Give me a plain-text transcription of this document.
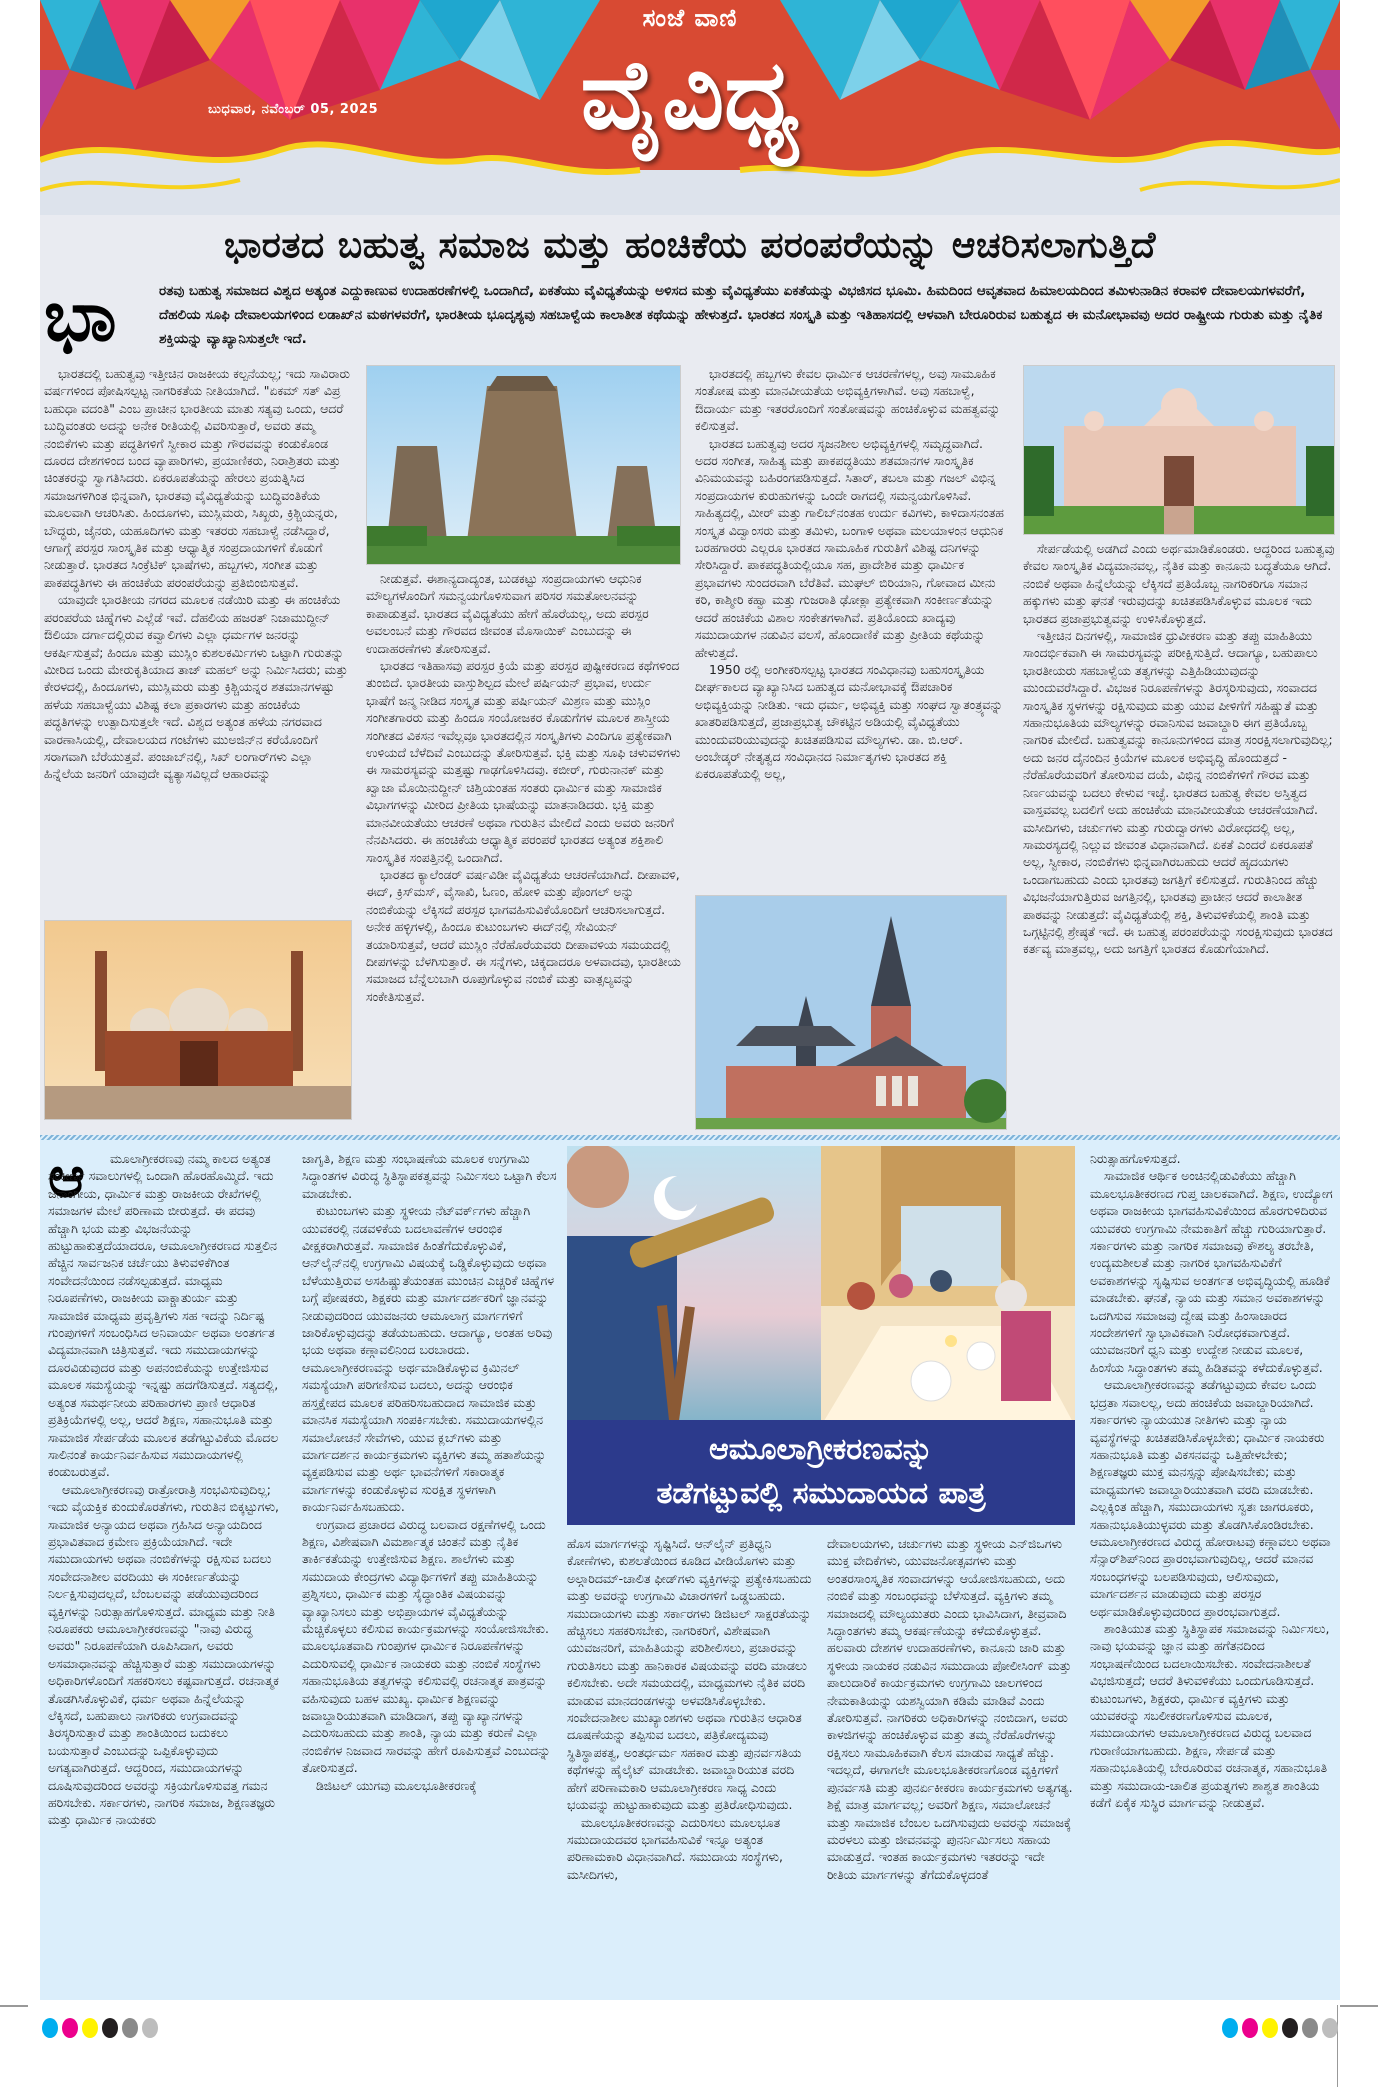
ಸಂಜೆ ವಾಣಿ
ವೈವಿಧ್ಯ
ಬುಧವಾರ, ನವೆಂಬರ್ 05, 2025
ಭಾರತದ ಬಹುತ್ವ ಸಮಾಜ ಮತ್ತು ಹಂಚಿಕೆಯ ಪರಂಪರೆಯನ್ನು ಆಚರಿಸಲಾಗುತ್ತಿದೆ
ಭಾ	ರತವು ಬಹುತ್ವ ಸಮಾಜದ ವಿಶ್ವದ ಅತ್ಯಂತ ಎದ್ದುಕಾಣುವ ಉದಾಹರಣೆಗಳಲ್ಲಿ ಒಂದಾಗಿದೆ, ಏಕತೆಯು ವೈವಿಧ್ಯತೆಯನ್ನು ಅಳಿಸದ ಮತ್ತು ವೈವಿಧ್ಯತೆಯು ಏಕತೆಯನ್ನು ವಿಭಜಿಸದ ಭೂಮಿ. ಹಿಮದಿಂದ ಆವೃತವಾದ ಹಿಮಾಲಯದಿಂದ ತಮಿಳುನಾಡಿನ ಕರಾವಳಿ ದೇವಾಲಯಗಳವರೆಗೆ, ದೆಹಲಿಯ ಸೂಫಿ ದೇವಾಲಯಗಳಿಂದ ಲಡಾಖ್‌ನ ಮಠಗಳವರೆಗೆ, ಭಾರತೀಯ ಭೂದೃಶ್ಯವು ಸಹಬಾಳ್ವೆಯ ಕಾಲಾತೀತ ಕಥೆಯನ್ನು ಹೇಳುತ್ತದೆ. ಭಾರತದ ಸಂಸ್ಕೃತಿ ಮತ್ತು ಇತಿಹಾಸದಲ್ಲಿ ಆಳವಾಗಿ ಬೇರೂರಿರುವ ಬಹುತ್ವದ ಈ ಮನೋಭಾವವು ಅದರ ರಾಷ್ಟ್ರೀಯ ಗುರುತು ಮತ್ತು ನೈತಿಕ ಶಕ್ತಿಯನ್ನು ವ್ಯಾಖ್ಯಾನಿಸುತ್ತಲೇ ಇದೆ.

ಭಾರತದಲ್ಲಿ ಬಹುತ್ವವು ಇತ್ತೀಚಿನ ರಾಜಕೀಯ ಕಲ್ಪನೆಯಲ್ಲ; ಇದು ಸಾವಿರಾರು ವರ್ಷಗಳಿಂದ ಪೋಷಿಸಲ್ಪಟ್ಟ ನಾಗರಿಕತೆಯ ನೀತಿಯಾಗಿದೆ. "ಏಕಮ್ ಸತ್ ವಿಪ್ರ ಬಹುಧಾ ವದಂತಿ" ಎಂಬ ಪ್ರಾಚೀನ ಭಾರತೀಯ ಮಾತು ಸತ್ಯವು ಒಂದು, ಆದರೆ ಬುದ್ಧಿವಂತರು ಅದನ್ನು ಅನೇಕ ರೀತಿಯಲ್ಲಿ ವಿವರಿಸುತ್ತಾರೆ, ಅವರು ತಮ್ಮ ನಂಬಿಕೆಗಳು ಮತ್ತು ಪದ್ಧತಿಗಳಿಗೆ ಸ್ವೀಕಾರ ಮತ್ತು ಗೌರವವನ್ನು ಕಂಡುಕೊಂಡ ದೂರದ ದೇಶಗಳಿಂದ ಬಂದ ವ್ಯಾಪಾರಿಗಳು, ಪ್ರಯಾಣಿಕರು, ನಿರಾಶ್ರಿತರು ಮತ್ತು ಚಿಂತಕರನ್ನು ಸ್ವಾಗತಿಸಿದರು. ಏಕರೂಪತೆಯನ್ನು ಹೇರಲು ಪ್ರಯತ್ನಿಸಿದ ಸಮಾಜಗಳಿಗಿಂತ ಭಿನ್ನವಾಗಿ, ಭಾರತವು ವೈವಿಧ್ಯತೆಯನ್ನು ಬುದ್ಧಿವಂತಿಕೆಯ ಮೂಲವಾಗಿ ಆಚರಿಸಿತು. ಹಿಂದೂಗಳು, ಮುಸ್ಲಿಮರು, ಸಿಖ್ಖರು, ಕ್ರಿಶ್ಚಿಯನ್ನರು, ಬೌದ್ಧರು, ಜೈನರು, ಯಹೂದಿಗಳು ಮತ್ತು ಇತರರು ಸಹಬಾಳ್ವೆ ನಡೆಸಿದ್ದಾರೆ, ಆಗಾಗ್ಗೆ ಪರಸ್ಪರ ಸಾಂಸ್ಕೃತಿಕ ಮತ್ತು ಆಧ್ಯಾತ್ಮಿಕ ಸಂಪ್ರದಾಯಗಳಿಗೆ ಕೊಡುಗೆ ನೀಡುತ್ತಾರೆ. ಭಾರತದ ಸಿಂಕ್ರೆಟಿಕ್ ಭಾಷೆಗಳು, ಹಬ್ಬಗಳು, ಸಂಗೀತ ಮತ್ತು ಪಾಕಪದ್ಧತಿಗಳು ಈ ಹಂಚಿಕೆಯ ಪರಂಪರೆಯನ್ನು ಪ್ರತಿಬಿಂಬಿಸುತ್ತವೆ.

ಯಾವುದೇ ಭಾರತೀಯ ನಗರದ ಮೂಲಕ ನಡೆಯಿರಿ ಮತ್ತು ಈ ಹಂಚಿಕೆಯ ಪರಂಪರೆಯ ಚಿಹ್ನೆಗಳು ಎಲ್ಲೆಡೆ ಇವೆ. ದೆಹಲಿಯ ಹಜರತ್ ನಿಜಾಮುದ್ದೀನ್ ಔಲಿಯಾ ದರ್ಗಾದಲ್ಲಿರುವ ಕವ್ವಾಲಿಗಳು ಎಲ್ಲಾ ಧರ್ಮಗಳ ಜನರನ್ನು ಆಕರ್ಷಿಸುತ್ತವೆ; ಹಿಂದೂ ಮತ್ತು ಮುಸ್ಲಿಂ ಕುಶಲಕರ್ಮಿಗಳು ಒಟ್ಟಾಗಿ ಗುರುತನ್ನು ಮೀರಿದ ಒಂದು ಮೇರುಕೃತಿಯಾದ ತಾಜ್ ಮಹಲ್ ಅನ್ನು ನಿರ್ಮಿಸಿದರು; ಮತ್ತು ಕೇರಳದಲ್ಲಿ, ಹಿಂದೂಗಳು, ಮುಸ್ಲಿಮರು ಮತ್ತು ಕ್ರಿಶ್ಚಿಯನ್ನರ ಶತಮಾನಗಳಷ್ಟು ಹಳೆಯ ಸಹಬಾಳ್ವೆಯು ವಿಶಿಷ್ಟ ಕಲಾ ಪ್ರಕಾರಗಳು ಮತ್ತು ಹಂಚಿಕೆಯ ಪದ್ಧತಿಗಳನ್ನು ಉತ್ಪಾದಿಸುತ್ತಲೇ ಇದೆ. ವಿಶ್ವದ ಅತ್ಯಂತ ಹಳೆಯ ನಗರವಾದ ವಾರಣಾಸಿಯಲ್ಲಿ, ದೇವಾಲಯದ ಗಂಟೆಗಳು ಮುಅಜಿನ್‌ನ ಕರೆಯೊಂದಿಗೆ ಸರಾಗವಾಗಿ ಬೆರೆಯುತ್ತವೆ. ಪಂಜಾಬ್‌ನಲ್ಲಿ, ಸಿಖ್ ಲಂಗಾರ್‌ಗಳು ಎಲ್ಲಾ ಹಿನ್ನೆಲೆಯ ಜನರಿಗೆ ಯಾವುದೇ ವ್ಯತ್ಯಾಸವಿಲ್ಲದೆ ಆಹಾರವನ್ನು

ನೀಡುತ್ತವೆ. ಈಶಾನ್ಯದಾದ್ಯಂತ, ಬುಡಕಟ್ಟು ಸಂಪ್ರದಾಯಗಳು ಆಧುನಿಕ ಮೌಲ್ಯಗಳೊಂದಿಗೆ ಸಮನ್ವಯಗೊಳಿಸುವಾಗ ಪರಿಸರ ಸಮತೋಲನವನ್ನು ಕಾಪಾಡುತ್ತವೆ. ಭಾರತದ ವೈವಿಧ್ಯತೆಯು ಹೇಗೆ ಹೊರೆಯಲ್ಲ, ಅದು ಪರಸ್ಪರ ಅವಲಂಬನೆ ಮತ್ತು ಗೌರವದ ಜೀವಂತ ಮೊಸಾಯಿಕ್ ಎಂಬುದನ್ನು ಈ ಉದಾಹರಣೆಗಳು ತೋರಿಸುತ್ತವೆ.

ಭಾರತದ ಇತಿಹಾಸವು ಪರಸ್ಪರ ಕ್ರಿಯೆ ಮತ್ತು ಪರಸ್ಪರ ಪುಷ್ಟೀಕರಣದ ಕಥೆಗಳಿಂದ ತುಂಬಿದೆ. ಭಾರತೀಯ ವಾಸ್ತುಶಿಲ್ಪದ ಮೇಲೆ ಪರ್ಷಿಯನ್ ಪ್ರಭಾವ, ಉರ್ದು ಭಾಷೆಗೆ ಜನ್ಮ ನೀಡಿದ ಸಂಸ್ಕೃತ ಮತ್ತು ಪರ್ಷಿಯನ್ ಮಿಶ್ರಣ ಮತ್ತು ಮುಸ್ಲಿಂ ಸಂಗೀತಗಾರರು ಮತ್ತು ಹಿಂದೂ ಸಂಯೋಜಕರ ಕೊಡುಗೆಗಳ ಮೂಲಕ ಶಾಸ್ತ್ರೀಯ ಸಂಗೀತದ ವಿಕಸನ ಇವೆಲ್ಲವೂ ಭಾರತದಲ್ಲಿನ ಸಂಸ್ಕೃತಿಗಳು ಎಂದಿಗೂ ಪ್ರತ್ಯೇಕವಾಗಿ ಉಳಿಯದೆ ಬೆಳೆದಿವೆ ಎಂಬುದನ್ನು ತೋರಿಸುತ್ತವೆ. ಭಕ್ತಿ ಮತ್ತು ಸೂಫಿ ಚಳುವಳಿಗಳು ಈ ಸಾಮರಸ್ಯವನ್ನು ಮತ್ತಷ್ಟು ಗಾಢಗೊಳಿಸಿದವು. ಕಬೀರ್, ಗುರುನಾನಕ್ ಮತ್ತು ಖ್ವಾಜಾ ಮೊಯಿನುದ್ದೀನ್ ಚಿಶ್ತಿಯಂತಹ ಸಂತರು ಧಾರ್ಮಿಕ ಮತ್ತು ಸಾಮಾಜಿಕ ವಿಭಾಗಗಳನ್ನು ಮೀರಿದ ಪ್ರೀತಿಯ ಭಾಷೆಯನ್ನು ಮಾತನಾಡಿದರು. ಭಕ್ತಿ ಮತ್ತು ಮಾನವೀಯತೆಯು ಆಚರಣೆ ಅಥವಾ ಗುರುತಿನ ಮೇಲಿದೆ ಎಂದು ಅವರು ಜನರಿಗೆ ನೆನಪಿಸಿದರು. ಈ ಹಂಚಿಕೆಯ ಆಧ್ಯಾತ್ಮಿಕ ಪರಂಪರೆ ಭಾರತದ ಅತ್ಯಂತ ಶಕ್ತಿಶಾಲಿ ಸಾಂಸ್ಕೃತಿಕ ಸಂಪತ್ತಿನಲ್ಲಿ ಒಂದಾಗಿದೆ.

ಭಾರತದ ಕ್ಯಾಲೆಂಡರ್ ವರ್ಷವಿಡೀ ವೈವಿಧ್ಯತೆಯ ಆಚರಣೆಯಾಗಿದೆ. ದೀಪಾವಳಿ, ಈದ್, ಕ್ರಿಸ್‌ಮಸ್, ವೈಸಾಖಿ, ಓಣಂ, ಹೋಳಿ ಮತ್ತು ಪೊಂಗಲ್ ಅನ್ನು ನಂಬಿಕೆಯನ್ನು ಲೆಕ್ಕಿಸದೆ ಪರಸ್ಪರ ಭಾಗವಹಿಸುವಿಕೆಯೊಂದಿಗೆ ಆಚರಿಸಲಾಗುತ್ತದೆ. ಅನೇಕ ಹಳ್ಳಿಗಳಲ್ಲಿ, ಹಿಂದೂ ಕುಟುಂಬಗಳು ಈದ್‌ನಲ್ಲಿ ಸೇವಿಯನ್ ತಯಾರಿಸುತ್ತವೆ, ಆದರೆ ಮುಸ್ಲಿಂ ನೆರೆಹೊರೆಯವರು ದೀಪಾವಳಿಯ ಸಮಯದಲ್ಲಿ ದೀಪಗಳನ್ನು ಬೆಳಗಿಸುತ್ತಾರೆ. ಈ ಸನ್ನೆಗಳು, ಚಿಕ್ಕದಾದರೂ ಅಳವಾದವು, ಭಾರತೀಯ ಸಮಾಜದ ಬೆನ್ನೆಲುಬಾಗಿ ರೂಪುಗೊಳ್ಳುವ ನಂಬಿಕೆ ಮತ್ತು ವಾತ್ಸಲ್ಯವನ್ನು ಸಂಕೇತಿಸುತ್ತವೆ.

ಭಾರತದಲ್ಲಿ ಹಬ್ಬಗಳು ಕೇವಲ ಧಾರ್ಮಿಕ ಆಚರಣೆಗಳಲ್ಲ, ಅವು ಸಾಮೂಹಿಕ ಸಂತೋಷ ಮತ್ತು ಮಾನವೀಯತೆಯ ಅಭಿವ್ಯಕ್ತಿಗಳಾಗಿವೆ. ಅವು ಸಹಬಾಳ್ವೆ, ಔದಾರ್ಯ ಮತ್ತು ಇತರರೊಂದಿಗೆ ಸಂತೋಷವನ್ನು ಹಂಚಿಕೊಳ್ಳುವ ಮಹತ್ವವನ್ನು ಕಲಿಸುತ್ತವೆ.

ಭಾರತದ ಬಹುತ್ವವು ಅದರ ಸೃಜನಶೀಲ ಅಭಿವ್ಯಕ್ತಿಗಳಲ್ಲಿ ಸಮೃದ್ಧವಾಗಿದೆ. ಅದರ ಸಂಗೀತ, ಸಾಹಿತ್ಯ ಮತ್ತು ಪಾಕಪದ್ಧತಿಯು ಶತಮಾನಗಳ ಸಾಂಸ್ಕೃತಿಕ ವಿನಿಮಯವನ್ನು ಬಹಿರಂಗಪಡಿಸುತ್ತದೆ. ಸಿತಾರ್, ತಬಲಾ ಮತ್ತು ಗಜಲ್ ವಿಭಿನ್ನ ಸಂಪ್ರದಾಯಗಳ ಕುರುಹುಗಳನ್ನು ಒಂದೇ ರಾಗದಲ್ಲಿ ಸಮನ್ವಯಗೊಳಿಸಿವೆ. ಸಾಹಿತ್ಯದಲ್ಲಿ, ಮೀರ್ ಮತ್ತು ಗಾಲಿಬ್‌ನಂತಹ ಉರ್ದು ಕವಿಗಳು, ಕಾಳಿದಾಸನಂತಹ ಸಂಸ್ಕೃತ ವಿದ್ವಾಂಸರು ಮತ್ತು ತಮಿಳು, ಬಂಗಾಳಿ ಅಥವಾ ಮಲಯಾಳಂನ ಆಧುನಿಕ ಬರಹಗಾರರು ಎಲ್ಲರೂ ಭಾರತದ ಸಾಮೂಹಿಕ ಗುರುತಿಗೆ ವಿಶಿಷ್ಟ ದನಿಗಳನ್ನು ಸೇರಿಸಿದ್ದಾರೆ. ಪಾಕಪದ್ಧತಿಯಲ್ಲಿಯೂ ಸಹ, ಪ್ರಾದೇಶಿಕ ಮತ್ತು ಧಾರ್ಮಿಕ ಪ್ರಭಾವಗಳು ಸುಂದರವಾಗಿ ಬೆರೆತಿವೆ. ಮುಘಲ್ ಬಿರಿಯಾನಿ, ಗೋವಾದ ಮೀನು ಕರಿ, ಕಾಶ್ಮೀರಿ ಕಹ್ವಾ ಮತ್ತು ಗುಜರಾತಿ ಢೋಕ್ಲಾ ಪ್ರತ್ಯೇಕವಾಗಿ ಸಂಕೀರ್ಣತೆಯನ್ನು ಆದರೆ ಹಂಚಿಕೆಯ ವಿಶಾಲ ಸಂಕೇತಗಳಾಗಿವೆ. ಪ್ರತಿಯೊಂದು ಖಾದ್ಯವು ಸಮುದಾಯಗಳ ನಡುವಿನ ವಲಸೆ, ಹೊಂದಾಣಿಕೆ ಮತ್ತು ಪ್ರೀತಿಯ ಕಥೆಯನ್ನು ಹೇಳುತ್ತದೆ.

1950 ರಲ್ಲಿ ಅಂಗೀಕರಿಸಲ್ಪಟ್ಟ ಭಾರತದ ಸಂವಿಧಾನವು ಬಹುಸಂಸ್ಕೃತಿಯ ದೀರ್ಘಕಾಲದ ವ್ಯಾಖ್ಯಾನಿಸಿದ ಬಹುತ್ವದ ಮನೋಭಾವಕ್ಕೆ ಔಪಚಾರಿಕ ಅಭಿವ್ಯಕ್ತಿಯನ್ನು ನೀಡಿತು. ಇದು ಧರ್ಮ, ಅಭಿವ್ಯಕ್ತಿ ಮತ್ತು ಸಂಘದ ಸ್ವಾತಂತ್ರ್ಯವನ್ನು ಖಾತರಿಪಡಿಸುತ್ತದೆ, ಪ್ರಜಾಪ್ರಭುತ್ವ ಚೌಕಟ್ಟಿನ ಅಡಿಯಲ್ಲಿ ವೈವಿಧ್ಯತೆಯು ಮುಂದುವರಿಯುವುದನ್ನು ಖಚಿತಪಡಿಸುವ ಮೌಲ್ಯಗಳು. ಡಾ. ಬಿ.ಆರ್. ಅಂಬೇಡ್ಕರ್ ನೇತೃತ್ವದ ಸಂವಿಧಾನದ ನಿರ್ಮಾತೃಗಳು ಭಾರತದ ಶಕ್ತಿ ಏಕರೂಪತೆಯಲ್ಲಿ ಅಲ್ಲ,

ಸೇರ್ಪಡೆಯಲ್ಲಿ ಅಡಗಿದೆ ಎಂದು ಅರ್ಥಮಾಡಿಕೊಂಡರು. ಆದ್ದರಿಂದ ಬಹುತ್ವವು ಕೇವಲ ಸಾಂಸ್ಕೃತಿಕ ವಿದ್ಯಮಾನವಲ್ಲ, ನೈತಿಕ ಮತ್ತು ಕಾನೂನು ಬದ್ಧತೆಯೂ ಆಗಿದೆ. ನಂಬಿಕೆ ಅಥವಾ ಹಿನ್ನೆಲೆಯನ್ನು ಲೆಕ್ಕಿಸದೆ ಪ್ರತಿಯೊಬ್ಬ ನಾಗರಿಕರಿಗೂ ಸಮಾನ ಹಕ್ಕುಗಳು ಮತ್ತು ಘನತೆ ಇರುವುದನ್ನು ಖಚಿತಪಡಿಸಿಕೊಳ್ಳುವ ಮೂಲಕ ಇದು ಭಾರತದ ಪ್ರಜಾಪ್ರಭುತ್ವವನ್ನು ಉಳಿಸಿಕೊಳ್ಳುತ್ತದೆ.

ಇತ್ತೀಚಿನ ದಿನಗಳಲ್ಲಿ, ಸಾಮಾಜಿಕ ಧ್ರುವೀಕರಣ ಮತ್ತು ತಪ್ಪು ಮಾಹಿತಿಯು ಸಾಂದರ್ಭಿಕವಾಗಿ ಈ ಸಾಮರಸ್ಯವನ್ನು ಪರೀಕ್ಷಿಸುತ್ತಿದೆ. ಆದಾಗ್ಯೂ, ಬಹುಪಾಲು ಭಾರತೀಯರು ಸಹಬಾಳ್ವೆಯ ತತ್ವಗಳನ್ನು ಎತ್ತಿಹಿಡಿಯುವುದನ್ನು ಮುಂದುವರೆಸಿದ್ದಾರೆ. ವಿಭಜಕ ನಿರೂಪಣೆಗಳನ್ನು ತಿರಸ್ಕರಿಸುವುದು, ಸಂವಾದದ ಸಾಂಸ್ಕೃತಿಕ ಸ್ಥಳಗಳನ್ನು ರಕ್ಷಿಸುವುದು ಮತ್ತು ಯುವ ಪೀಳಿಗೆಗೆ ಸಹಿಷ್ಣುತೆ ಮತ್ತು ಸಹಾನುಭೂತಿಯ ಮೌಲ್ಯಗಳನ್ನು ರವಾನಿಸುವ ಜವಾಬ್ದಾರಿ ಈಗ ಪ್ರತಿಯೊಬ್ಬ ನಾಗರಿಕ ಮೇಲಿದೆ. ಬಹುತ್ವವನ್ನು ಕಾನೂನುಗಳಿಂದ ಮಾತ್ರ ಸಂರಕ್ಷಿಸಲಾಗುವುದಿಲ್ಲ; ಅದು ಜನರ ದೈನಂದಿನ ಕ್ರಿಯೆಗಳ ಮೂಲಕ ಅಭಿವೃದ್ಧಿ ಹೊಂದುತ್ತದೆ - ನೆರೆಹೊರೆಯವರಿಗೆ ತೋರಿಸುವ ದಯೆ, ವಿಭಿನ್ನ ನಂಬಿಕೆಗಳಿಗೆ ಗೌರವ ಮತ್ತು ನಿರ್ಣಯವನ್ನು ಬದಲು ಕೇಳುವ ಇಚ್ಛೆ. ಭಾರತದ ಬಹುತ್ವ ಕೇವಲ ಅಸ್ತಿತ್ವದ ವಾಸ್ತವವಲ್ಲ ಬದಲಿಗೆ ಅದು ಹಂಚಿಕೆಯ ಮಾನವೀಯತೆಯ ಆಚರಣೆಯಾಗಿದೆ. ಮಸೀದಿಗಳು, ಚರ್ಚುಗಳು ಮತ್ತು ಗುರುದ್ವಾರಗಳು ವಿರೋಧದಲ್ಲಿ ಅಲ್ಲ, ಸಾಮರಸ್ಯದಲ್ಲಿ ನಿಲ್ಲುವ ಜೀವಂತ ವಿಧಾನವಾಗಿದೆ. ಏಕತೆ ಎಂದರೆ ಏಕರೂಪತೆ ಅಲ್ಲ, ಸ್ವೀಕಾರ, ನಂಬಿಕೆಗಳು ಭಿನ್ನವಾಗಿರಬಹುದು ಆದರೆ ಹೃದಯಗಳು ಒಂದಾಗಬಹುದು ಎಂದು ಭಾರತವು ಜಗತ್ತಿಗೆ ಕಲಿಸುತ್ತದೆ. ಗುರುತಿನಿಂದ ಹೆಚ್ಚು ವಿಭಜನೆಯಾಗುತ್ತಿರುವ ಜಗತ್ತಿನಲ್ಲಿ, ಭಾರತವು ಪ್ರಾಚೀನ ಆದರೆ ಕಾಲಾತೀತ ಪಾಠವನ್ನು ನೀಡುತ್ತದೆ: ವೈವಿಧ್ಯತೆಯಲ್ಲಿ ಶಕ್ತಿ, ತಿಳುವಳಿಕೆಯಲ್ಲಿ ಶಾಂತಿ ಮತ್ತು ಒಗ್ಗಟ್ಟಿನಲ್ಲಿ ಶ್ರೇಷ್ಠತೆ ಇದೆ. ಈ ಬಹುತ್ವ ಪರಂಪರೆಯನ್ನು ಸಂರಕ್ಷಿಸುವುದು ಭಾರತದ ಕರ್ತವ್ಯ ಮಾತ್ರವಲ್ಲ, ಅದು ಜಗತ್ತಿಗೆ ಭಾರತದ ಕೊಡುಗೆಯಾಗಿದೆ.

ಆ	ಮೂಲಾಗ್ರೀಕರಣವು ನಮ್ಮ ಕಾಲದ ಅತ್ಯಂತ ಸಂಕೀರ್ಣ ಸವಾಲುಗಳಲ್ಲಿ ಒಂದಾಗಿ ಹೊರಹೊಮ್ಮಿದೆ. ಇದು ಜನಾಂಗೀಯ, ಧಾರ್ಮಿಕ ಮತ್ತು ರಾಜಕೀಯ ರೇಖೆಗಳಲ್ಲಿ ಸಮಾಜಗಳ ಮೇಲೆ ಪರಿಣಾಮ ಬೀರುತ್ತದೆ. ಈ ಪದವು ಹೆಚ್ಚಾಗಿ ಭಯ ಮತ್ತು ವಿಭಜನೆಯನ್ನು ಹುಟ್ಟುಹಾಕುತ್ತದೆಯಾದರೂ, ಆಮೂಲಾಗ್ರೀಕರಣದ ಸುತ್ತಲಿನ ಹೆಚ್ಚಿನ ಸಾರ್ವಜನಿಕ ಚರ್ಚೆಯು ತಿಳುವಳಿಕೆಗಿಂತ ಸಂವೇದನೆಯಿಂದ ನಡೆಸಲ್ಪಡುತ್ತದೆ. ಮಾಧ್ಯಮ ನಿರೂಪಣೆಗಳು, ರಾಜಕೀಯ ವಾಕ್ಚಾತುರ್ಯ ಮತ್ತು ಸಾಮಾಜಿಕ ಮಾಧ್ಯಮ ಪ್ರವೃತ್ತಿಗಳು ಸಹ ಇದನ್ನು ನಿರ್ದಿಷ್ಟ ಗುಂಪುಗಳಿಗೆ ಸಂಬಂಧಿಸಿದ ಅನಿವಾರ್ಯ ಅಥವಾ ಅಂತರ್ಗತ ವಿದ್ಯಮಾನವಾಗಿ ಚಿತ್ರಿಸುತ್ತವೆ. ಇದು ಸಮುದಾಯಗಳನ್ನು ದೂರವಿಡುವುದರ ಮತ್ತು ಅಪನಂಬಿಕೆಯನ್ನು ಉತ್ತೇಜಿಸುವ ಮೂಲಕ ಸಮಸ್ಯೆಯನ್ನು ಇನ್ನಷ್ಟು ಹದಗೆಡಿಸುತ್ತದೆ. ಸತ್ಯದಲ್ಲಿ, ಅತ್ಯಂತ ಸಮರ್ಥನೀಯ ಪರಿಹಾರಗಳು ಪ್ರಾಣಿ ಆಧಾರಿತ ಪ್ರತಿಕ್ರಿಯೆಗಳಲ್ಲಿ ಅಲ್ಲ, ಆದರೆ ಶಿಕ್ಷಣ, ಸಹಾನುಭೂತಿ ಮತ್ತು ಸಾಮಾಜಿಕ ಸೇರ್ಪಡೆಯ ಮೂಲಕ ತಡೆಗಟ್ಟುವಿಕೆಯ ಮೊದಲ ಸಾಲಿನಂತೆ ಕಾರ್ಯನಿರ್ವಹಿಸುವ ಸಮುದಾಯಗಳಲ್ಲಿ ಕಂಡುಬರುತ್ತವೆ.

ಆಮೂಲಾಗ್ರೀಕರಣವು ರಾತ್ರೋರಾತ್ರಿ ಸಂಭವಿಸುವುದಿಲ್ಲ; ಇದು ವೈಯಕ್ತಿಕ ಕುಂದುಕೊರತೆಗಳು, ಗುರುತಿನ ಬಿಕ್ಕಟ್ಟುಗಳು, ಸಾಮಾಜಿಕ ಅನ್ಯಾಯದ ಅಥವಾ ಗ್ರಹಿಸಿದ ಅನ್ಯಾಯದಿಂದ ಪ್ರಭಾವಿತವಾದ ಕ್ರಮೇಣ ಪ್ರಕ್ರಿಯೆಯಾಗಿದೆ. ಇದೇ ಸಮುದಾಯಗಳು ಅಥವಾ ನಂಬಿಕೆಗಳನ್ನು ರಕ್ಷಿಸುವ ಬದಲು ಸಂವೇದನಾಶೀಲ ವರದಿಯು ಈ ಸಂಕೀರ್ಣತೆಯನ್ನು ನಿರ್ಲಕ್ಷಿಸುವುದಲ್ಲದೆ, ಬೆಂಬಲವನ್ನು ಪಡೆಯುವುದರಿಂದ ವ್ಯಕ್ತಿಗಳನ್ನು ನಿರುತ್ಸಾಹಗೊಳಿಸುತ್ತದೆ. ಮಾಧ್ಯಮ ಮತ್ತು ನೀತಿ ನಿರೂಪಕರು ಆಮೂಲಾಗ್ರೀಕರಣವನ್ನು "ನಾವು ವಿರುದ್ಧ ಅವರು" ನಿರೂಪಣೆಯಾಗಿ ರೂಪಿಸಿದಾಗ, ಅವರು ಅಸಮಾಧಾನವನ್ನು ಹೆಚ್ಚಿಸುತ್ತಾರೆ ಮತ್ತು ಸಮುದಾಯಗಳನ್ನು ಅಧಿಕಾರಿಗಳೊಂದಿಗೆ ಸಹಕರಿಸಲು ಕಷ್ಟವಾಗುತ್ತದೆ. ರಚನಾತ್ಮಕ ತೊಡಗಿಸಿಕೊಳ್ಳುವಿಕೆ, ಧರ್ಮ ಅಥವಾ ಹಿನ್ನೆಲೆಯನ್ನು ಲೆಕ್ಕಿಸದೆ, ಬಹುಪಾಲು ನಾಗರಿಕರು ಉಗ್ರವಾದವನ್ನು ತಿರಸ್ಕರಿಸುತ್ತಾರೆ ಮತ್ತು ಶಾಂತಿಯಿಂದ ಬದುಕಲು ಬಯಸುತ್ತಾರೆ ಎಂಬುದನ್ನು ಒಪ್ಪಿಕೊಳ್ಳುವುದು ಅಗತ್ಯವಾಗಿರುತ್ತದೆ. ಆದ್ದರಿಂದ, ಸಮುದಾಯಗಳನ್ನು ದೂಷಿಸುವುದರಿಂದ ಅವರನ್ನು ಸಕ್ರಿಯಗೊಳಿಸುವತ್ತ ಗಮನ ಹರಿಸಬೇಕು. ಸರ್ಕಾರಗಳು, ನಾಗರಿಕ ಸಮಾಜ, ಶಿಕ್ಷಣತಜ್ಞರು ಮತ್ತು ಧಾರ್ಮಿಕ ನಾಯಕರು

ಜಾಗೃತಿ, ಶಿಕ್ಷಣ ಮತ್ತು ಸಂಭಾಷಣೆಯ ಮೂಲಕ ಉಗ್ರಗಾಮಿ ಸಿದ್ಧಾಂತಗಳ ವಿರುದ್ಧ ಸ್ಥಿತಿಸ್ಥಾಪಕತ್ವವನ್ನು ನಿರ್ಮಿಸಲು ಒಟ್ಟಾಗಿ ಕೆಲಸ ಮಾಡಬೇಕು.

ಕುಟುಂಬಗಳು ಮತ್ತು ಸ್ಥಳೀಯ ನೆಟ್‌ವರ್ಕ್‌ಗಳು ಹೆಚ್ಚಾಗಿ ಯುವಕರಲ್ಲಿ ನಡವಳಿಕೆಯ ಬದಲಾವಣೆಗಳ ಆರಂಭಿಕ ವೀಕ್ಷಕರಾಗಿರುತ್ತವೆ. ಸಾಮಾಜಿಕ ಹಿಂತೆಗೆದುಕೊಳ್ಳುವಿಕೆ, ಆನ್‌ಲೈನ್‌ನಲ್ಲಿ ಉಗ್ರಗಾಮಿ ವಿಷಯಕ್ಕೆ ಒಡ್ಡಿಕೊಳ್ಳುವುದು ಅಥವಾ ಬೆಳೆಯುತ್ತಿರುವ ಅಸಹಿಷ್ಣುತೆಯಂತಹ ಮುಂಚಿನ ಎಚ್ಚರಿಕೆ ಚಿಹ್ನೆಗಳ ಬಗ್ಗೆ ಪೋಷಕರು, ಶಿಕ್ಷಕರು ಮತ್ತು ಮಾರ್ಗದರ್ಶಕರಿಗೆ ಜ್ಞಾನವನ್ನು ನೀಡುವುದರಿಂದ ಯುವಜನರು ಆಮೂಲಾಗ್ರ ಮಾರ್ಗಗಳಿಗೆ ಜಾರಿಕೊಳ್ಳುವುದನ್ನು ತಡೆಯಬಹುದು. ಆದಾಗ್ಯೂ, ಅಂತಹ ಅರಿವು ಭಯ ಅಥವಾ ಕಣ್ಗಾವಲಿನಿಂದ ಬರಬಾರದು. ಆಮೂಲಾಗ್ರೀಕರಣವನ್ನು ಅರ್ಥಮಾಡಿಕೊಳ್ಳುವ ಕ್ರಿಮಿನಲ್ ಸಮಸ್ಯೆಯಾಗಿ ಪರಿಗಣಿಸುವ ಬದಲು, ಅದನ್ನು ಆರಂಭಿಕ ಹಸ್ತಕ್ಷೇಪದ ಮೂಲಕ ಪರಿಹರಿಸಬಹುದಾದ ಸಾಮಾಜಿಕ ಮತ್ತು ಮಾನಸಿಕ ಸಮಸ್ಯೆಯಾಗಿ ಸಂಪರ್ಕಿಸಬೇಕು. ಸಮುದಾಯಗಳಲ್ಲಿನ ಸಮಾಲೋಚನೆ ಸೇವೆಗಳು, ಯುವ ಕ್ಲಬ್‌ಗಳು ಮತ್ತು ಮಾರ್ಗದರ್ಶನ ಕಾರ್ಯಕ್ರಮಗಳು ವ್ಯಕ್ತಿಗಳು ತಮ್ಮ ಹತಾಶೆಯನ್ನು ವ್ಯಕ್ತಪಡಿಸುವ ಮತ್ತು ಅರ್ಥ ಭಾವನೆಗಳಿಗೆ ಸಕಾರಾತ್ಮಕ ಮಾರ್ಗಗಳನ್ನು ಕಂಡುಕೊಳ್ಳುವ ಸುರಕ್ಷಿತ ಸ್ಥಳಗಳಾಗಿ ಕಾರ್ಯನಿರ್ವಹಿಸಬಹುದು.

ಉಗ್ರವಾದ ಪ್ರಚಾರದ ವಿರುದ್ಧ ಬಲವಾದ ರಕ್ಷಣೆಗಳಲ್ಲಿ ಒಂದು ಶಿಕ್ಷಣ, ವಿಶೇಷವಾಗಿ ವಿಮರ್ಶಾತ್ಮಕ ಚಿಂತನೆ ಮತ್ತು ನೈತಿಕ ತಾರ್ಕಿಕತೆಯನ್ನು ಉತ್ತೇಜಿಸುವ ಶಿಕ್ಷಣ. ಶಾಲೆಗಳು ಮತ್ತು ಸಮುದಾಯ ಕೇಂದ್ರಗಳು ವಿದ್ಯಾರ್ಥಿಗಳಿಗೆ ತಪ್ಪು ಮಾಹಿತಿಯನ್ನು ಪ್ರಶ್ನಿಸಲು, ಧಾರ್ಮಿಕ ಮತ್ತು ಸೈದ್ಧಾಂತಿಕ ವಿಷಯವನ್ನು ವ್ಯಾಖ್ಯಾನಿಸಲು ಮತ್ತು ಅಭಿಪ್ರಾಯಗಳ ವೈವಿಧ್ಯತೆಯನ್ನು ಮೆಚ್ಚಿಕೊಳ್ಳಲು ಕಲಿಸುವ ಕಾರ್ಯಕ್ರಮಗಳನ್ನು ಸಂಯೋಜಿಸಬೇಕು. ಮೂಲಭೂತವಾದಿ ಗುಂಪುಗಳ ಧಾರ್ಮಿಕ ನಿರೂಪಣೆಗಳನ್ನು ಎದುರಿಸುವಲ್ಲಿ ಧಾರ್ಮಿಕ ನಾಯಕರು ಮತ್ತು ನಂಬಿಕೆ ಸಂಸ್ಥೆಗಳು ಸಹಾನುಭೂತಿಯ ತತ್ವಗಳನ್ನು ಕಲಿಸುವಲ್ಲಿ ರಚನಾತ್ಮಕ ಪಾತ್ರವನ್ನು ವಹಿಸುವುದು ಬಹಳ ಮುಖ್ಯ. ಧಾರ್ಮಿಕ ಶಿಕ್ಷಣವನ್ನು ಜವಾಬ್ದಾರಿಯುತವಾಗಿ ಮಾಡಿದಾಗ, ತಪ್ಪು ವ್ಯಾಖ್ಯಾನಗಳನ್ನು ಎದುರಿಸಬಹುದು ಮತ್ತು ಶಾಂತಿ, ನ್ಯಾಯ ಮತ್ತು ಕರುಣೆ ಎಲ್ಲಾ ನಂಬಿಕೆಗಳ ನಿಜವಾದ ಸಾರವನ್ನು ಹೇಗೆ ರೂಪಿಸುತ್ತವೆ ಎಂಬುದನ್ನು ತೋರಿಸುತ್ತದೆ.

ಡಿಜಿಟಲ್ ಯುಗವು ಮೂಲಭೂತೀಕರಣಕ್ಕೆ

ಆಮೂಲಾಗ್ರೀಕರಣವನ್ನು
ತಡೆಗಟ್ಟುವಲ್ಲಿ ಸಮುದಾಯದ ಪಾತ್ರ

ಹೊಸ ಮಾರ್ಗಗಳನ್ನು ಸೃಷ್ಟಿಸಿದೆ. ಆನ್‌ಲೈನ್ ಪ್ರತಿಧ್ವನಿ ಕೋಣೆಗಳು, ಕುಶಲತೆಯಿಂದ ಕೂಡಿದ ವೀಡಿಯೊಗಳು ಮತ್ತು ಅಲ್ಗಾರಿದಮ್-ಚಾಲಿತ ಫೀಡ್‌ಗಳು ವ್ಯಕ್ತಿಗಳನ್ನು ಪ್ರತ್ಯೇಕಿಸಬಹುದು ಮತ್ತು ಅವರನ್ನು ಉಗ್ರಗಾಮಿ ವಿಚಾರಗಳಿಗೆ ಒಡ್ಡಬಹುದು. ಸಮುದಾಯಗಳು ಮತ್ತು ಸರ್ಕಾರಗಳು ಡಿಜಿಟಲ್ ಸಾಕ್ಷರತೆಯನ್ನು ಹೆಚ್ಚಿಸಲು ಸಹಕರಿಸಬೇಕು, ನಾಗರಿಕರಿಗೆ, ವಿಶೇಷವಾಗಿ ಯುವಜನರಿಗೆ, ಮಾಹಿತಿಯನ್ನು ಪರಿಶೀಲಿಸಲು, ಪ್ರಚಾರವನ್ನು ಗುರುತಿಸಲು ಮತ್ತು ಹಾನಿಕಾರಕ ವಿಷಯವನ್ನು ವರದಿ ಮಾಡಲು ಕಲಿಸಬೇಕು. ಅದೇ ಸಮಯದಲ್ಲಿ, ಮಾಧ್ಯಮಗಳು ನೈತಿಕ ವರದಿ ಮಾಡುವ ಮಾನದಂಡಗಳನ್ನು ಅಳವಡಿಸಿಕೊಳ್ಳಬೇಕು. ಸಂವೇದನಾಶೀಲ ಮುಖ್ಯಾಂಶಗಳು ಅಥವಾ ಗುರುತಿನ ಆಧಾರಿತ ದೂಷಣೆಯನ್ನು ತಪ್ಪಿಸುವ ಬದಲು, ಪತ್ರಿಕೋದ್ಯಮವು ಸ್ಥಿತಿಸ್ಥಾಪಕತ್ವ, ಅಂತರ್ಧರ್ಮ ಸಹಕಾರ ಮತ್ತು ಪುನರ್ವಸತಿಯ ಕಥೆಗಳನ್ನು ಹೈಲೈಟ್ ಮಾಡಬೇಕು. ಜವಾಬ್ದಾರಿಯುತ ವರದಿ ಹೇಗೆ ಪರಿಣಾಮಕಾರಿ ಆಮೂಲಾಗ್ರೀಕರಣ ಸಾಧ್ಯ ಎಂದು ಭಯವನ್ನು ಹುಟ್ಟುಹಾಕುವುದು ಮತ್ತು ಪ್ರತಿರೋಧಿಸುವುದು.

ಮೂಲಭೂತೀಕರಣವನ್ನು ಎದುರಿಸಲು ಮೂಲಭೂತ ಸಮುದಾಯದವರ ಭಾಗವಹಿಸುವಿಕೆ ಇನ್ನೂ ಅತ್ಯಂತ ಪರಿಣಾಮಕಾರಿ ವಿಧಾನವಾಗಿದೆ. ಸಮುದಾಯ ಸಂಸ್ಥೆಗಳು, ಮಸೀದಿಗಳು,

ದೇವಾಲಯಗಳು, ಚರ್ಚುಗಳು ಮತ್ತು ಸ್ಥಳೀಯ ಎನ್‌ಜಿಒಗಳು ಮುಕ್ತ ವೇದಿಕೆಗಳು, ಯುವಜನೋತ್ಸವಗಳು ಮತ್ತು ಅಂತರಸಾಂಸ್ಕೃತಿಕ ಸಂವಾದಗಳನ್ನು ಆಯೋಜಿಸಬಹುದು, ಅದು ನಂಬಿಕೆ ಮತ್ತು ಸಂಬಂಧವನ್ನು ಬೆಳೆಸುತ್ತದೆ. ವ್ಯಕ್ತಿಗಳು ತಮ್ಮ ಸಮಾಜದಲ್ಲಿ ಮೌಲ್ಯಯುತರು ಎಂದು ಭಾವಿಸಿದಾಗ, ತೀವ್ರವಾದಿ ಸಿದ್ಧಾಂತಗಳು ತಮ್ಮ ಆಕರ್ಷಣೆಯನ್ನು ಕಳೆದುಕೊಳ್ಳುತ್ತವೆ. ಹಲವಾರು ದೇಶಗಳ ಉದಾಹರಣೆಗಳು, ಕಾನೂನು ಜಾರಿ ಮತ್ತು ಸ್ಥಳೀಯ ನಾಯಕರ ನಡುವಿನ ಸಮುದಾಯ ಪೋಲೀಸಿಂಗ್ ಮತ್ತು ಪಾಲುದಾರಿಕೆ ಕಾರ್ಯಕ್ರಮಗಳು ಉಗ್ರಗಾಮಿ ಜಾಲಗಳಿಂದ ನೇಮಕಾತಿಯನ್ನು ಯಶಸ್ವಿಯಾಗಿ ಕಡಿಮೆ ಮಾಡಿವೆ ಎಂದು ತೋರಿಸುತ್ತವೆ. ನಾಗರಿಕರು ಅಧಿಕಾರಿಗಳನ್ನು ನಂಬಿದಾಗ, ಅವರು ಕಾಳಜಿಗಳನ್ನು ಹಂಚಿಕೊಳ್ಳುವ ಮತ್ತು ತಮ್ಮ ನೆರೆಹೊರೆಗಳನ್ನು ರಕ್ಷಿಸಲು ಸಾಮೂಹಿಕವಾಗಿ ಕೆಲಸ ಮಾಡುವ ಸಾಧ್ಯತೆ ಹೆಚ್ಚು. ಇದಲ್ಲದೆ, ಈಗಾಗಲೇ ಮೂಲಭೂತೀಕರಣಗೊಂಡ ವ್ಯಕ್ತಿಗಳಿಗೆ ಪುನರ್ವಸತಿ ಮತ್ತು ಪುನರ್ಏಕೀಕರಣ ಕಾರ್ಯಕ್ರಮಗಳು ಅತ್ಯಗತ್ಯ. ಶಿಕ್ಷೆ ಮಾತ್ರ ಮಾರ್ಗವಲ್ಲ; ಅವರಿಗೆ ಶಿಕ್ಷಣ, ಸಮಾಲೋಚನೆ ಮತ್ತು ಸಾಮಾಜಿಕ ಬೆಂಬಲ ಒದಗಿಸುವುದು ಅವರನ್ನು ಸಮಾಜಕ್ಕೆ ಮರಳಲು ಮತ್ತು ಜೀವನವನ್ನು ಪುನರ್ನಿರ್ಮಿಸಲು ಸಹಾಯ ಮಾಡುತ್ತದೆ. ಇಂತಹ ಕಾರ್ಯಕ್ರಮಗಳು ಇತರರನ್ನು ಇದೇ ರೀತಿಯ ಮಾರ್ಗಗಳನ್ನು ತೆಗೆದುಕೊಳ್ಳದಂತೆ

ನಿರುತ್ಸಾಹಗೊಳಿಸುತ್ತದೆ.

ಸಾಮಾಜಿಕ ಆರ್ಥಿಕ ಅಂಚಿನಲ್ಲಿಡುವಿಕೆಯು ಹೆಚ್ಚಾಗಿ ಮೂಲಭೂತೀಕರಣದ ಗುಪ್ತ ಚಾಲಕವಾಗಿದೆ. ಶಿಕ್ಷಣ, ಉದ್ಯೋಗ ಅಥವಾ ರಾಜಕೀಯ ಭಾಗವಹಿಸುವಿಕೆಯಿಂದ ಹೊರಗುಳಿದಿರುವ ಯುವಕರು ಉಗ್ರಗಾಮಿ ನೇಮಕಾತಿಗೆ ಹೆಚ್ಚು ಗುರಿಯಾಗುತ್ತಾರೆ. ಸರ್ಕಾರಗಳು ಮತ್ತು ನಾಗರಿಕ ಸಮಾಜವು ಕೌಶಲ್ಯ ತರಬೇತಿ, ಉದ್ಯಮಶೀಲತೆ ಮತ್ತು ನಾಗರಿಕ ಭಾಗವಹಿಸುವಿಕೆಗೆ ಅವಕಾಶಗಳನ್ನು ಸೃಷ್ಟಿಸುವ ಅಂತರ್ಗತ ಅಭಿವೃದ್ಧಿಯಲ್ಲಿ ಹೂಡಿಕೆ ಮಾಡಬೇಕು. ಘನತೆ, ನ್ಯಾಯ ಮತ್ತು ಸಮಾನ ಅವಕಾಶಗಳನ್ನು ಒದಗಿಸುವ ಸಮಾಜವು ದ್ವೇಷ ಮತ್ತು ಹಿಂಸಾಚಾರದ ಸಂದೇಶಗಳಿಗೆ ಸ್ವಾಭಾವಿಕವಾಗಿ ನಿರೋಧಕವಾಗುತ್ತದೆ. ಯುವಜನರಿಗೆ ಧ್ವನಿ ಮತ್ತು ಉದ್ದೇಶ ನೀಡುವ ಮೂಲಕ, ಹಿಂಸೆಯ ಸಿದ್ಧಾಂತಗಳು ತಮ್ಮ ಹಿಡಿತವನ್ನು ಕಳೆದುಕೊಳ್ಳುತ್ತವೆ.

ಆಮೂಲಾಗ್ರೀಕರಣವನ್ನು ತಡೆಗಟ್ಟುವುದು ಕೇವಲ ಒಂದು ಭದ್ರತಾ ಸವಾಲಲ್ಲ, ಅದು ಹಂಚಿಕೆಯ ಜವಾಬ್ದಾರಿಯಾಗಿದೆ. ಸರ್ಕಾರಗಳು ನ್ಯಾಯಯುತ ನೀತಿಗಳು ಮತ್ತು ನ್ಯಾಯ ವ್ಯವಸ್ಥೆಗಳನ್ನು ಖಚಿತಪಡಿಸಿಕೊಳ್ಳಬೇಕು; ಧಾರ್ಮಿಕ ನಾಯಕರು ಸಹಾನುಭೂತಿ ಮತ್ತು ವಿಕಸನವನ್ನು ಒತ್ತಿಹೇಳಬೇಕು; ಶಿಕ್ಷಣತಜ್ಞರು ಮುಕ್ತ ಮನಸ್ಸನ್ನು ಪೋಷಿಸಬೇಕು; ಮತ್ತು ಮಾಧ್ಯಮಗಳು ಜವಾಬ್ದಾರಿಯುತವಾಗಿ ವರದಿ ಮಾಡಬೇಕು. ಎಲ್ಲಕ್ಕಿಂತ ಹೆಚ್ಚಾಗಿ, ಸಮುದಾಯಗಳು ಸ್ವತಃ ಜಾಗರೂಕರು, ಸಹಾನುಭೂತಿಯುಳ್ಳವರು ಮತ್ತು ತೊಡಗಿಸಿಕೊಂಡಿರಬೇಕು. ಆಮೂಲಾಗ್ರೀಕರಣದ ವಿರುದ್ಧ ಹೋರಾಟವು ಕಣ್ಗಾವಲು ಅಥವಾ ಸೆನ್ಸಾರ್‌ಶಿಪ್‌ನಿಂದ ಪ್ರಾರಂಭವಾಗುವುದಿಲ್ಲ, ಆದರೆ ಮಾನವ ಸಂಬಂಧಗಳನ್ನು ಬಲಪಡಿಸುವುದು, ಆಲಿಸುವುದು, ಮಾರ್ಗದರ್ಶನ ಮಾಡುವುದು ಮತ್ತು ಪರಸ್ಪರ ಅರ್ಥಮಾಡಿಕೊಳ್ಳುವುದರಿಂದ ಪ್ರಾರಂಭವಾಗುತ್ತದೆ.

ಶಾಂತಿಯುತ ಮತ್ತು ಸ್ಥಿತಿಸ್ಥಾಪಕ ಸಮಾಜವನ್ನು ನಿರ್ಮಿಸಲು, ನಾವು ಭಯವನ್ನು ಜ್ಞಾನ ಮತ್ತು ಹಗೆತನದಿಂದ ಸಂಭಾಷಣೆಯಿಂದ ಬದಲಾಯಿಸಬೇಕು. ಸಂವೇದನಾಶೀಲತೆ ವಿಭಜಿಸುತ್ತದೆ; ಆದರೆ ತಿಳುವಳಿಕೆಯು ಒಂದುಗೂಡಿಸುತ್ತದೆ. ಕುಟುಂಬಗಳು, ಶಿಕ್ಷಕರು, ಧಾರ್ಮಿಕ ವ್ಯಕ್ತಿಗಳು ಮತ್ತು ಯುವಕರನ್ನು ಸಬಲೀಕರಣಗೊಳಿಸುವ ಮೂಲಕ, ಸಮುದಾಯಗಳು ಆಮೂಲಾಗ್ರೀಕರಣದ ವಿರುದ್ಧ ಬಲವಾದ ಗುರಾಣಿಯಾಗಬಹುದು. ಶಿಕ್ಷಣ, ಸೇರ್ಪಡೆ ಮತ್ತು ಸಹಾನುಭೂತಿಯಲ್ಲಿ ಬೇರೂರಿರುವ ರಚನಾತ್ಮಕ, ಸಹಾನುಭೂತಿ ಮತ್ತು ಸಮುದಾಯ-ಚಾಲಿತ ಪ್ರಯತ್ನಗಳು ಶಾಶ್ವತ ಶಾಂತಿಯ ಕಡೆಗೆ ಏಕೈಕ ಸುಸ್ಥಿರ ಮಾರ್ಗವನ್ನು ನೀಡುತ್ತವೆ.
